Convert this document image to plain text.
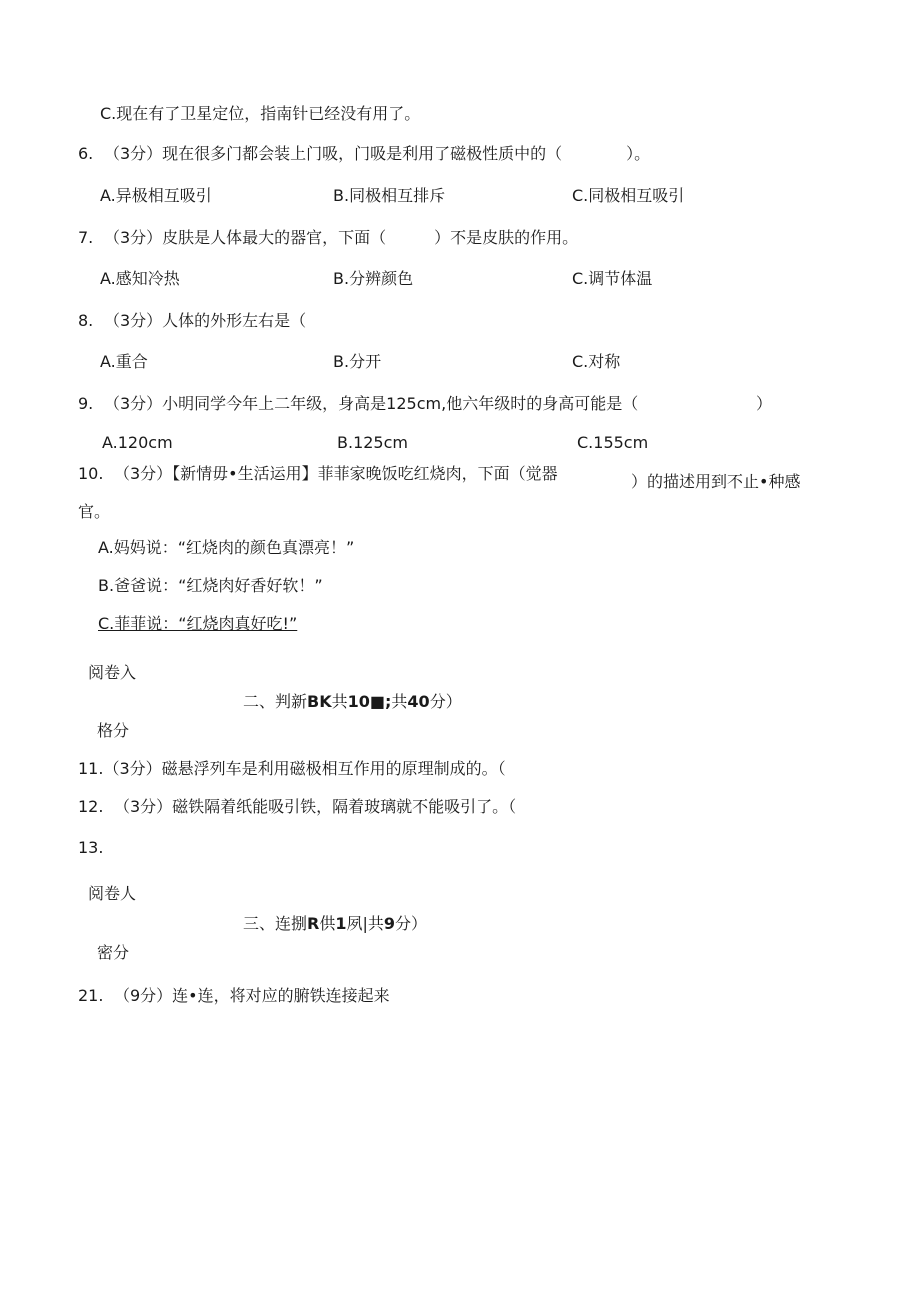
C.现在有了卫星定位，指南针已经没有用了。
6. （3分）现在很多门都会装上门吸，门吸是利用了磁极性质中的（　　　　）。
A.异极相互吸引	B.同极相互排斥	C.同极相互吸引
7. （3分）皮肤是人体最大的器官，下面（　　　）不是皮肤的作用。
A.感知冷热	B.分辨颜色	C.调节体温
8. （3分）人体的外形左右是（
A.重合	B.分开	C.对称
9. （3分）小明同学今年上二年级，身高是125cm,他六年级时的身高可能是（	）
A.120cm	B.125cm	C.155cm
10. （3分）【新情毋•生活运用】菲菲家晚饭吃红烧肉，下面（觉器	）的描述用到不止•种感
官。
A.妈妈说：“红烧肉的颜色真漂亮！”
B.爸爸说：“红烧肉好香好软！”
C.菲菲说：“红烧肉真好吃!”
阅卷入
二、判新BK共10■;共40分）
格分
11.（3分）磁悬浮列车是利用磁极相互作用的原理制成的。（
12. （3分）磁铁隔着纸能吸引铁，隔着玻璃就不能吸引了。（
13.
阅卷人
三、连捌R供1夙|共9分）
密分
21. （9分）连•连，将对应的腑铁连接起来
